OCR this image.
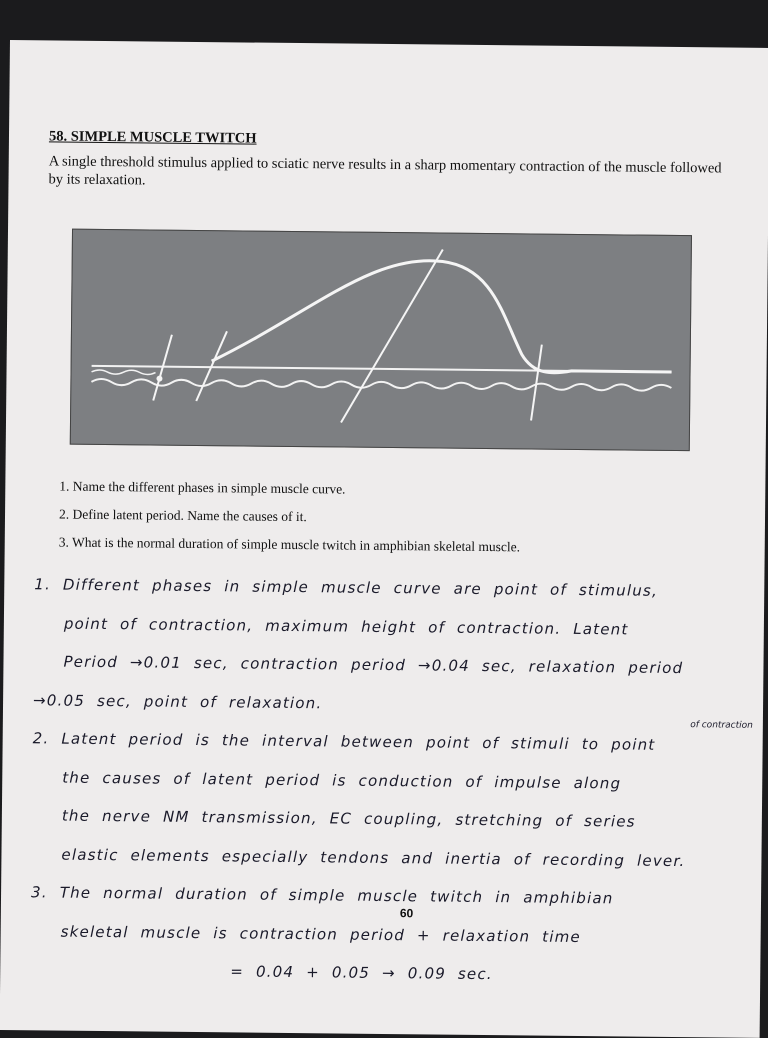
58. SIMPLE MUSCLE TWITCH
A single threshold stimulus applied to sciatic nerve results in a sharp momentary contraction of the muscle followed by its relaxation.
1. Name the different phases in simple muscle curve.
2. Define latent period. Name the causes of it.
3. What is the normal duration of simple muscle twitch in amphibian skeletal muscle.
1. Different phases in simple muscle curve are point of stimulus,
point of contraction, maximum height of contraction. Latent
Period →0.01 sec, contraction period →0.04 sec, relaxation period
→0.05 sec, point of relaxation.
2. Latent period is the interval between point of stimuli to point
the causes of latent period is conduction of impulse along
the nerve NM transmission, EC coupling, stretching of series
elastic elements especially tendons and inertia of recording lever.
of contraction
3. The normal duration of simple muscle twitch in amphibian
skeletal muscle is contraction period + relaxation time
= 0.04 + 0.05 → 0.09 sec.
60
